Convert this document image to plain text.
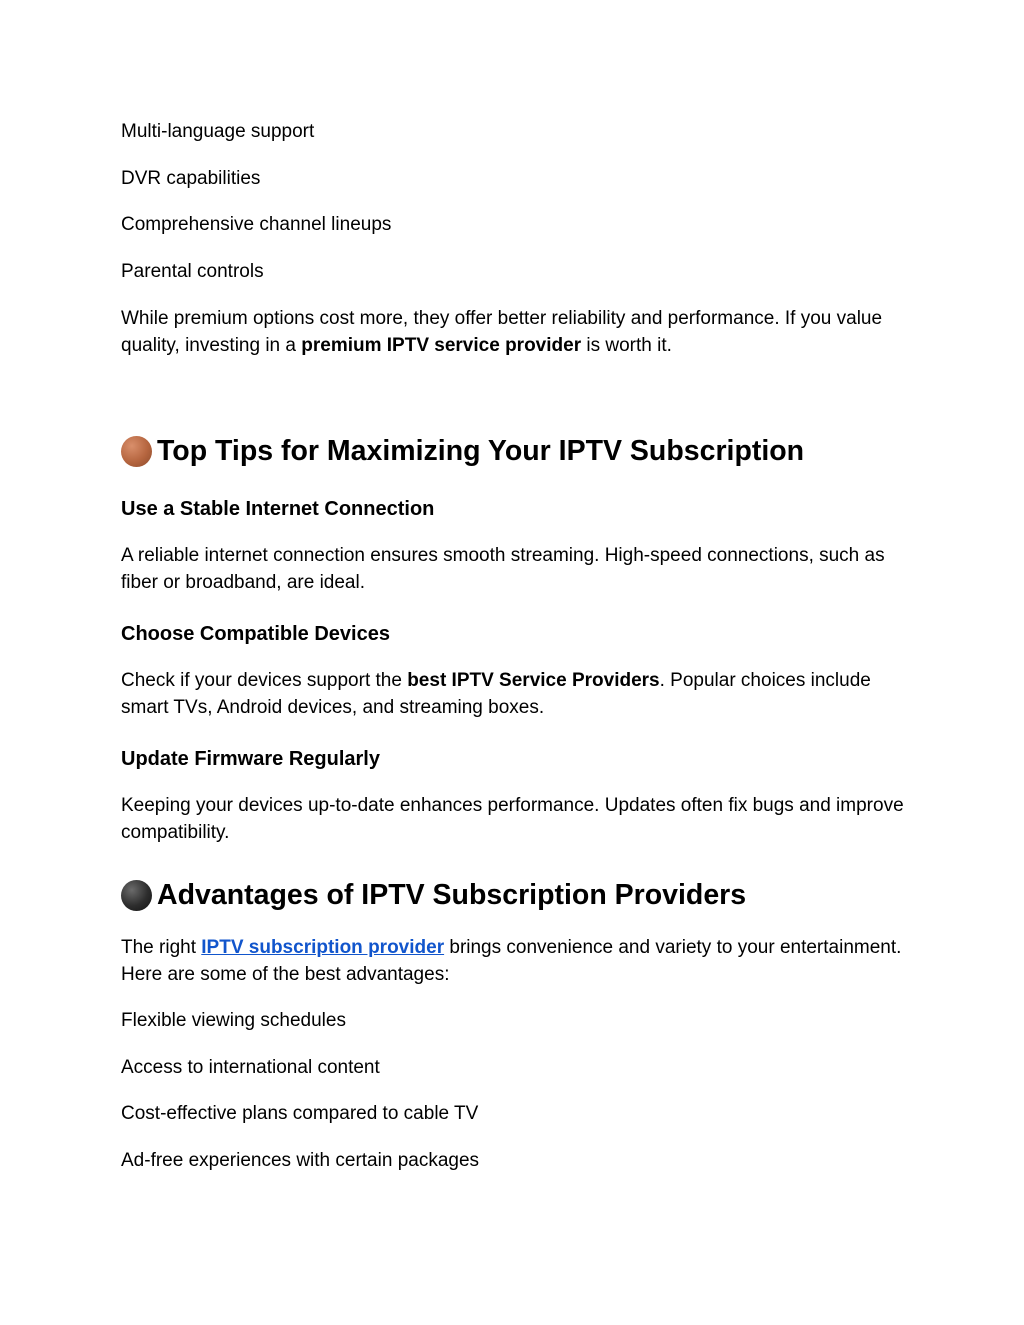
Multi-language support

DVR capabilities

Comprehensive channel lineups

Parental controls

While premium options cost more, they offer better reliability and performance. If you value quality, investing in a premium IPTV service provider is worth it.

Top Tips for Maximizing Your IPTV Subscription
Use a Stable Internet Connection

A reliable internet connection ensures smooth streaming. High-speed connections, such as fiber or broadband, are ideal.

Choose Compatible Devices

Check if your devices support the best IPTV Service Providers. Popular choices include smart TVs, Android devices, and streaming boxes.

Update Firmware Regularly

Keeping your devices up-to-date enhances performance. Updates often fix bugs and improve compatibility.

Advantages of IPTV Subscription Providers

The right IPTV subscription provider brings convenience and variety to your entertainment. Here are some of the best advantages:

Flexible viewing schedules

Access to international content

Cost-effective plans compared to cable TV

Ad-free experiences with certain packages
